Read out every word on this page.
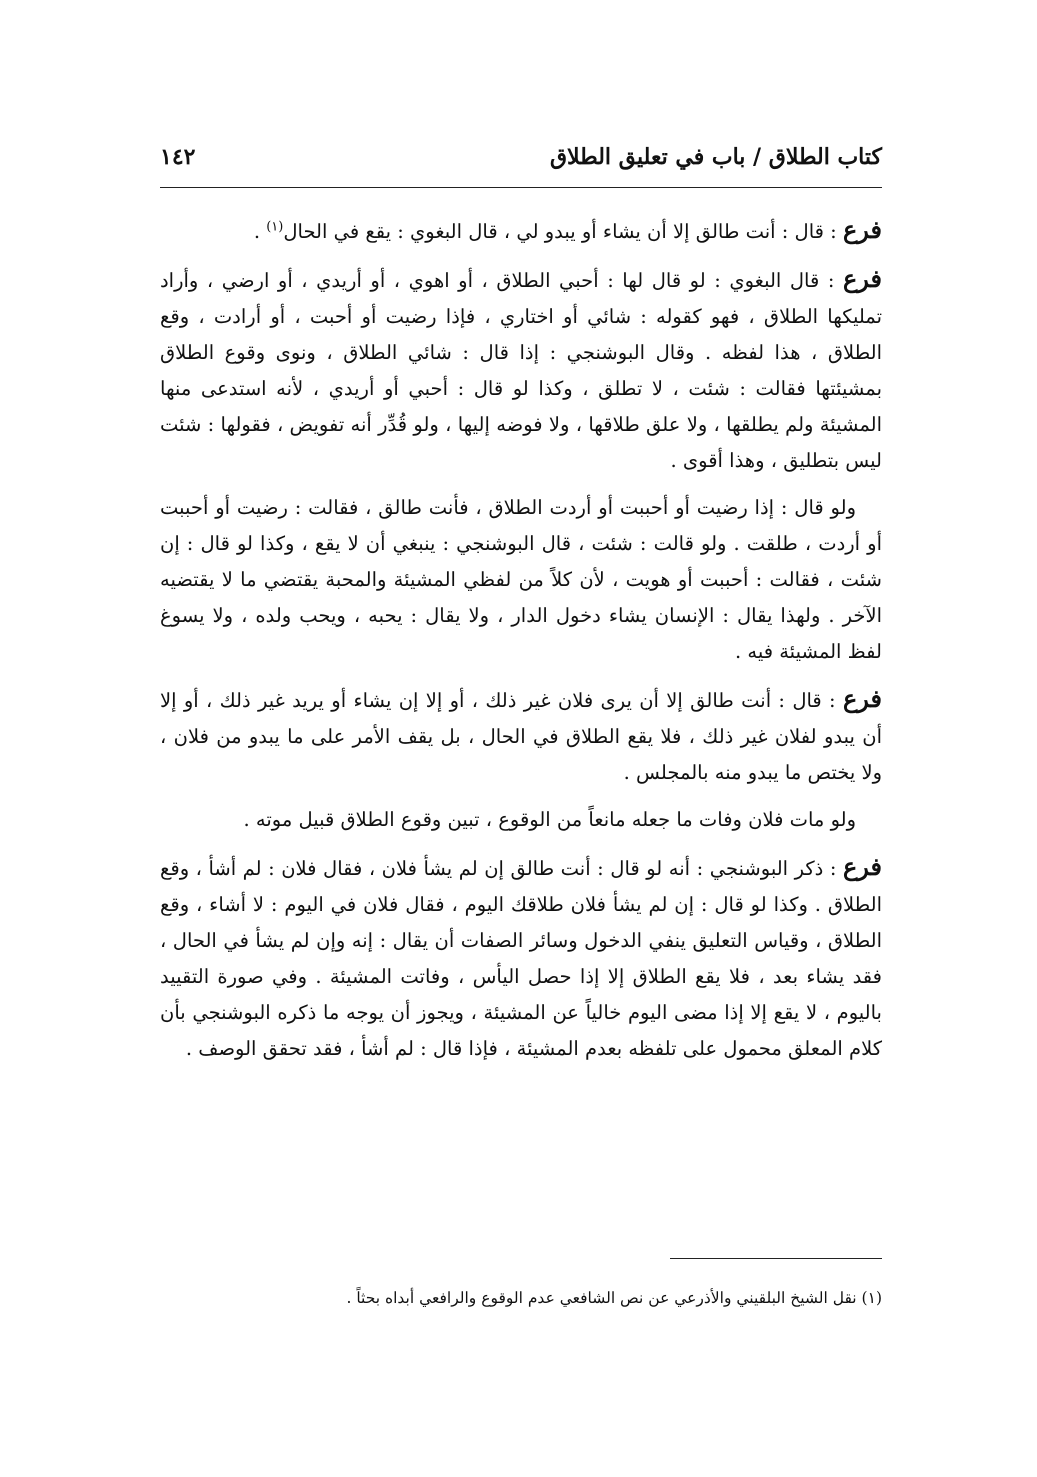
كتاب الطلاق / باب في تعليق الطلاق
١٤٢

فرع : قال : أنت طالق إلا أن يشاء أو يبدو لي ، قال البغوي : يقع في الحال$^{(١)}$ .

فرع : قال البغوي : لو قال لها : أحبي الطلاق ، أو اهوي ، أو أريدي ، أو ارضي ، وأراد تمليكها الطلاق ، فهو كقوله : شائي أو اختاري ، فإذا رضيت أو أحبت ، أو أرادت ، وقع الطلاق ، هذا لفظه . وقال البوشنجي : إذا قال : شائي الطلاق ، ونوى وقوع الطلاق بمشيئتها فقالت : شئت ، لا تطلق ، وكذا لو قال : أحبي أو أريدي ، لأنه استدعى منها المشيئة ولم يطلقها ، ولا علق طلاقها ، ولا فوضه إليها ، ولو قُدِّر أنه تفويض ، فقولها : شئت ليس بتطليق ، وهذا أقوى .

ولو قال : إذا رضيت أو أحببت أو أردت الطلاق ، فأنت طالق ، فقالت : رضيت أو أحببت أو أردت ، طلقت . ولو قالت : شئت ، قال البوشنجي : ينبغي أن لا يقع ، وكذا لو قال : إن شئت ، فقالت : أحببت أو هويت ، لأن كلاً من لفظي المشيئة والمحبة يقتضي ما لا يقتضيه الآخر . ولهذا يقال : الإنسان يشاء دخول الدار ، ولا يقال : يحبه ، ويحب ولده ، ولا يسوغ لفظ المشيئة فيه .

فرع : قال : أنت طالق إلا أن يرى فلان غير ذلك ، أو إلا إن يشاء أو يريد غير ذلك ، أو إلا أن يبدو لفلان غير ذلك ، فلا يقع الطلاق في الحال ، بل يقف الأمر على ما يبدو من فلان ، ولا يختص ما يبدو منه بالمجلس .

ولو مات فلان وفات ما جعله مانعاً من الوقوع ، تبين وقوع الطلاق قبيل موته .

فرع : ذكر البوشنجي : أنه لو قال : أنت طالق إن لم يشأ فلان ، فقال فلان : لم أشأ ، وقع الطلاق . وكذا لو قال : إن لم يشأ فلان طلاقك اليوم ، فقال فلان في اليوم : لا أشاء ، وقع الطلاق ، وقياس التعليق ينفي الدخول وسائر الصفات أن يقال : إنه وإن لم يشأ في الحال ، فقد يشاء بعد ، فلا يقع الطلاق إلا إذا حصل اليأس ، وفاتت المشيئة . وفي صورة التقييد باليوم ، لا يقع إلا إذا مضى اليوم خالياً عن المشيئة ، ويجوز أن يوجه ما ذكره البوشنجي بأن كلام المعلق محمول على تلفظه بعدم المشيئة ، فإذا قال : لم أشأ ، فقد تحقق الوصف .

(١) نقل الشيخ البلقيني والأذرعي عن نص الشافعي عدم الوقوع والرافعي أبداه بحثاً .
